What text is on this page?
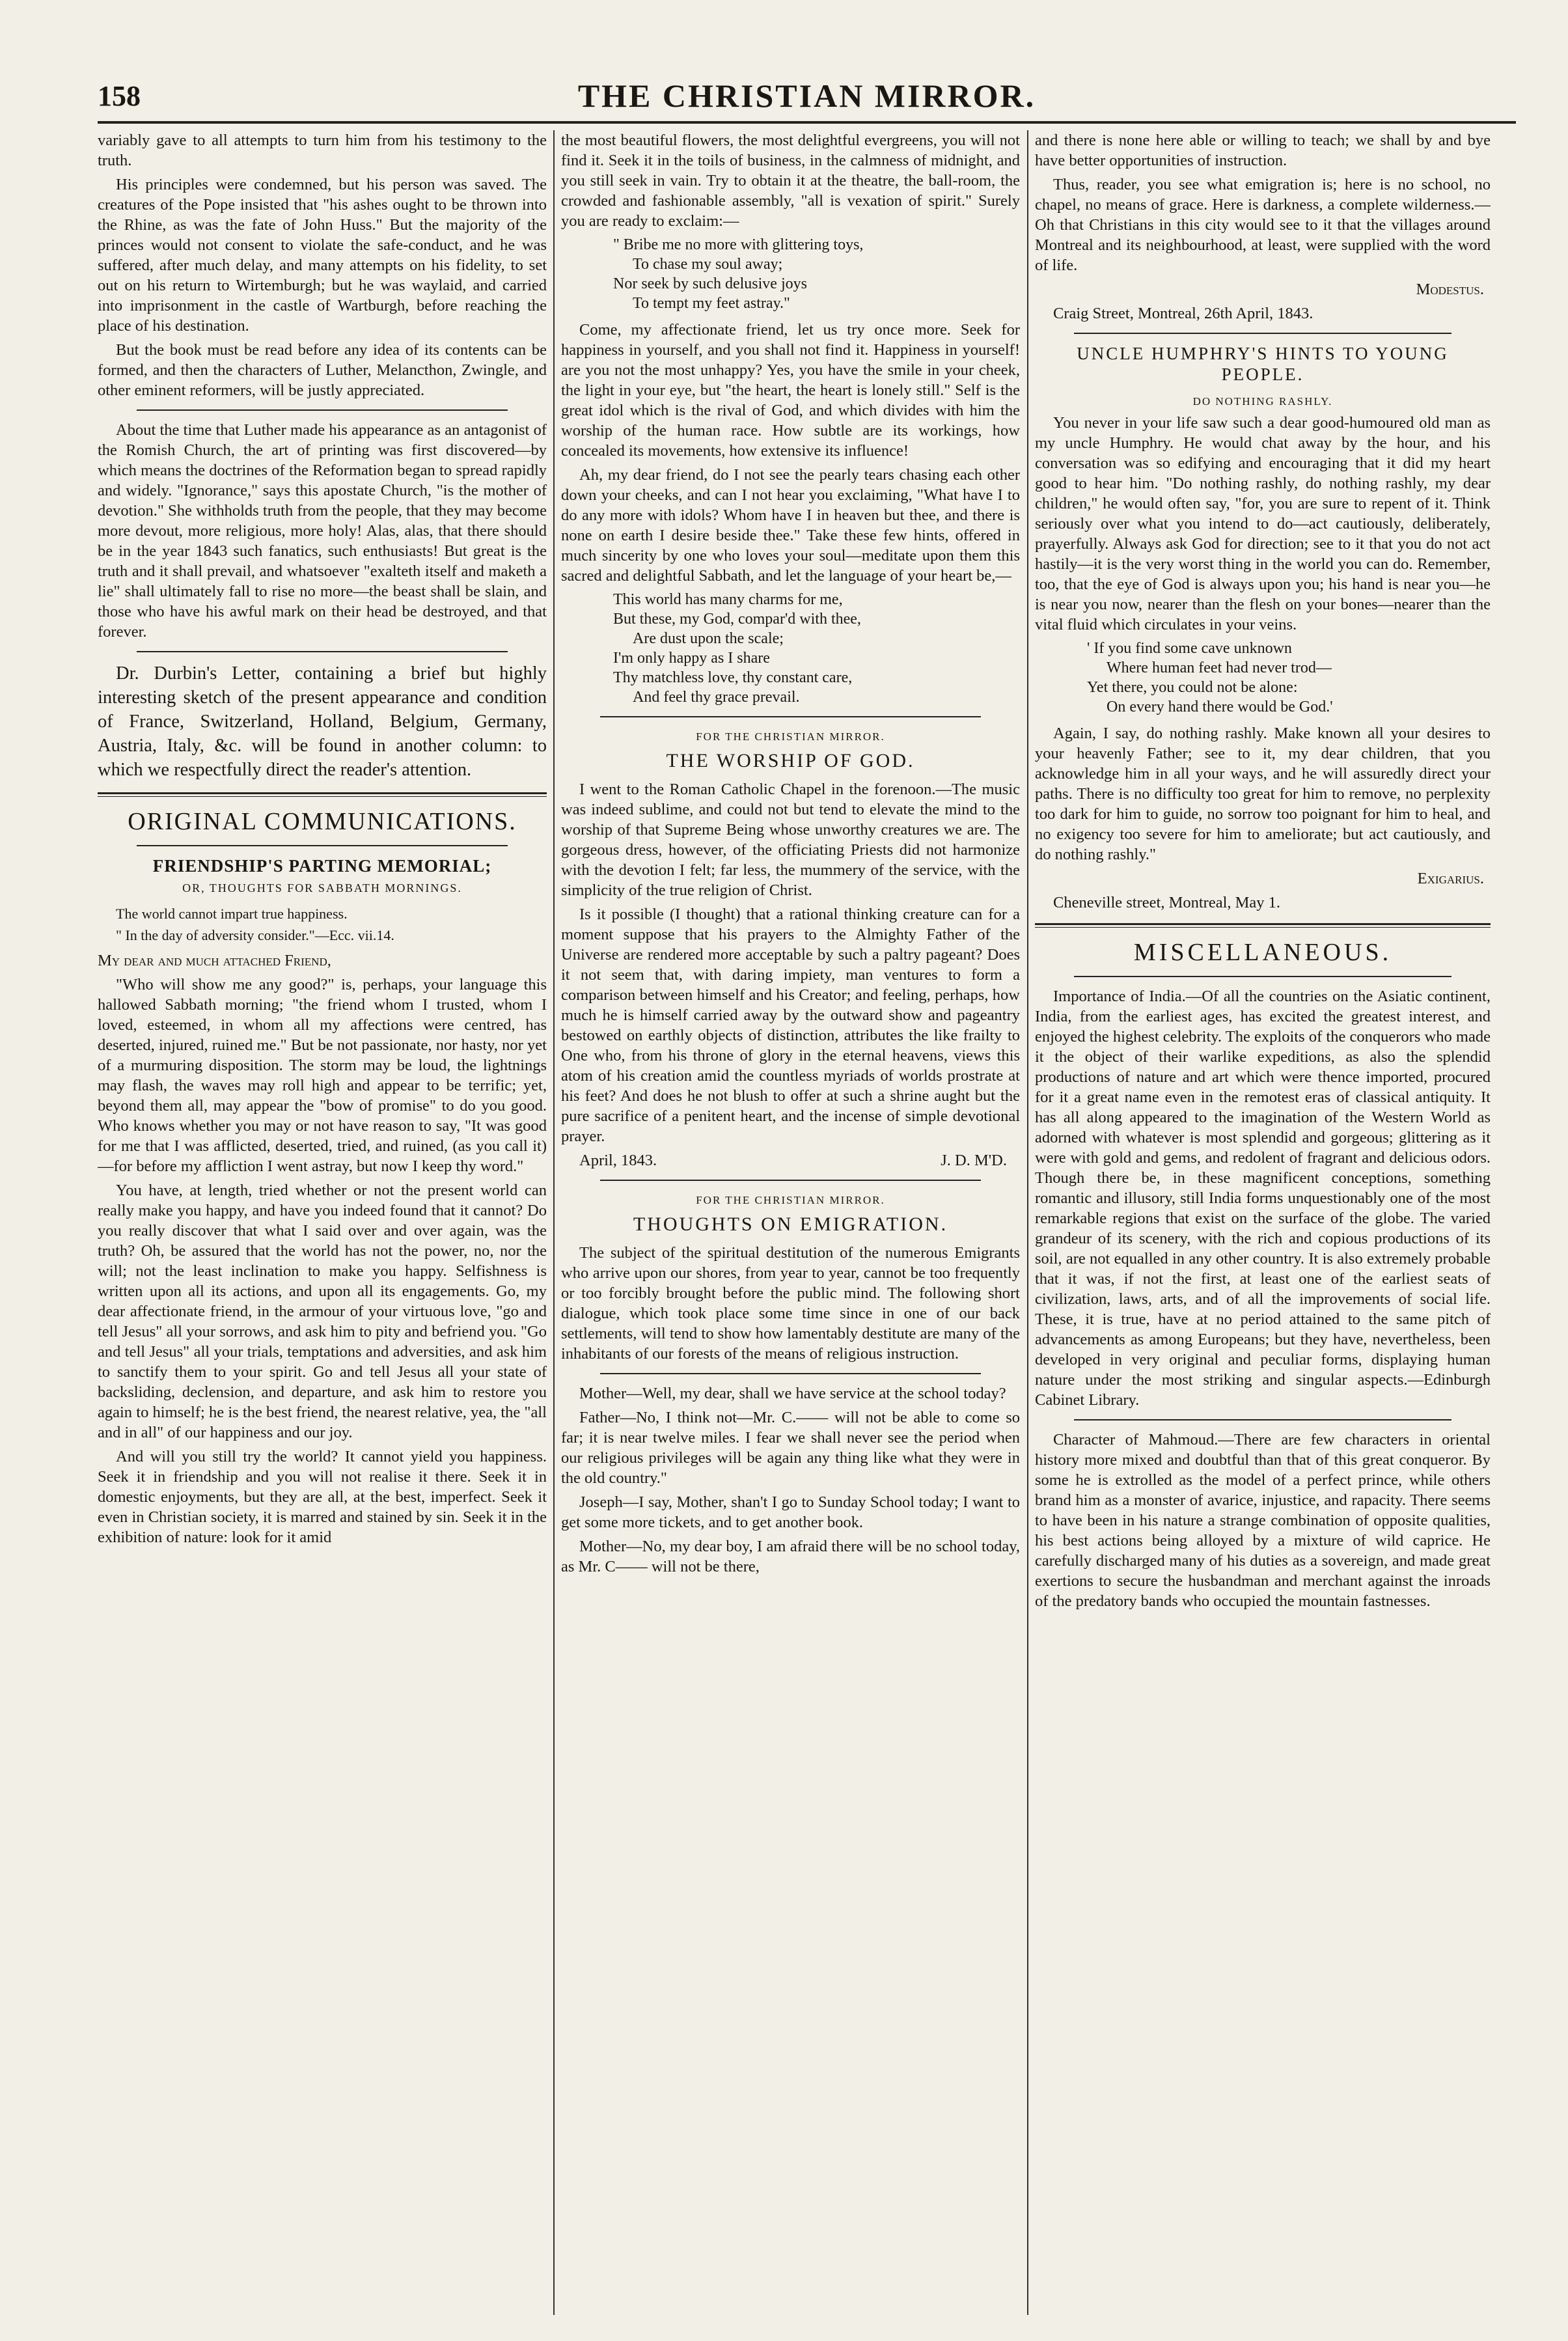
158	THE CHRISTIAN MIRROR.

variably gave to all attempts to turn him from his testimony to the truth.

His principles were condemned, but his person was saved. The creatures of the Pope insisted that "his ashes ought to be thrown into the Rhine, as was the fate of John Huss." But the majority of the princes would not consent to violate the safe-conduct, and he was suffered, after much delay, and many attempts on his fidelity, to set out on his return to Wirtemburgh; but he was waylaid, and carried into imprisonment in the castle of Wartburgh, before reaching the place of his destination.

But the book must be read before any idea of its contents can be formed, and then the characters of Luther, Melancthon, Zwingle, and other eminent reformers, will be justly appreciated.

About the time that Luther made his appearance as an antagonist of the Romish Church, the art of printing was first discovered—by which means the doctrines of the Reformation began to spread rapidly and widely. "Ignorance," says this apostate Church, "is the mother of devotion." She withholds truth from the people, that they may become more devout, more religious, more holy! Alas, alas, that there should be in the year 1843 such fanatics, such enthusiasts! But great is the truth and it shall prevail, and whatsoever "exalteth itself and maketh a lie" shall ultimately fall to rise no more—the beast shall be slain, and those who have his awful mark on their head be destroyed, and that forever.

Dr. Durbin's Letter, containing a brief but highly interesting sketch of the present appearance and condition of France, Switzerland, Holland, Belgium, Germany, Austria, Italy, &c. will be found in another column: to which we respectfully direct the reader's attention.

ORIGINAL COMMUNICATIONS.
FRIENDSHIP'S PARTING MEMORIAL;
OR, THOUGHTS FOR SABBATH MORNINGS.
The world cannot impart true happiness.
" In the day of adversity consider."—Ecc. vii.14.

My dear and much attached Friend,

"Who will show me any good?" is, perhaps, your language this hallowed Sabbath morning; "the friend whom I trusted, whom I loved, esteemed, in whom all my affections were centred, has deserted, injured, ruined me." But be not passionate, nor hasty, nor yet of a murmuring disposition. The storm may be loud, the lightnings may flash, the waves may roll high and appear to be terrific; yet, beyond them all, may appear the "bow of promise" to do you good. Who knows whether you may or not have reason to say, "It was good for me that I was afflicted, deserted, tried, and ruined, (as you call it)—for before my affliction I went astray, but now I keep thy word."

You have, at length, tried whether or not the present world can really make you happy, and have you indeed found that it cannot? Do you really discover that what I said over and over again, was the truth? Oh, be assured that the world has not the power, no, nor the will; not the least inclination to make you happy. Selfishness is written upon all its actions, and upon all its engagements. Go, my dear affectionate friend, in the armour of your virtuous love, "go and tell Jesus" all your sorrows, and ask him to pity and befriend you. "Go and tell Jesus" all your trials, temptations and adversities, and ask him to sanctify them to your spirit. Go and tell Jesus all your state of backsliding, declension, and departure, and ask him to restore you again to himself; he is the best friend, the nearest relative, yea, the "all and in all" of our happiness and our joy.

And will you still try the world? It cannot yield you happiness. Seek it in friendship and you will not realise it there. Seek it in domestic enjoyments, but they are all, at the best, imperfect. Seek it even in Christian society, it is marred and stained by sin. Seek it in the exhibition of nature: look for it amid

the most beautiful flowers, the most delightful evergreens, you will not find it. Seek it in the toils of business, in the calmness of midnight, and you still seek in vain. Try to obtain it at the theatre, the ball-room, the crowded and fashionable assembly, "all is vexation of spirit." Surely you are ready to exclaim:—

" Bribe me no more with glittering toys,
To chase my soul away;
Nor seek by such delusive joys
To tempt my feet astray."

Come, my affectionate friend, let us try once more. Seek for happiness in yourself, and you shall not find it. Happiness in yourself! are you not the most unhappy? Yes, you have the smile in your cheek, the light in your eye, but "the heart, the heart is lonely still." Self is the great idol which is the rival of God, and which divides with him the worship of the human race. How subtle are its workings, how concealed its movements, how extensive its influence!

Ah, my dear friend, do I not see the pearly tears chasing each other down your cheeks, and can I not hear you exclaiming, "What have I to do any more with idols? Whom have I in heaven but thee, and there is none on earth I desire beside thee." Take these few hints, offered in much sincerity by one who loves your soul—meditate upon them this sacred and delightful Sabbath, and let the language of your heart be,—

This world has many charms for me,
But these, my God, compar'd with thee,
Are dust upon the scale;
I'm only happy as I share
Thy matchless love, thy constant care,
And feel thy grace prevail.
FOR THE CHRISTIAN MIRROR.
THE WORSHIP OF GOD.

I went to the Roman Catholic Chapel in the forenoon.—The music was indeed sublime, and could not but tend to elevate the mind to the worship of that Supreme Being whose unworthy creatures we are. The gorgeous dress, however, of the officiating Priests did not harmonize with the devotion I felt; far less, the mummery of the service, with the simplicity of the true religion of Christ.

Is it possible (I thought) that a rational thinking creature can for a moment suppose that his prayers to the Almighty Father of the Universe are rendered more acceptable by such a paltry pageant? Does it not seem that, with daring impiety, man ventures to form a comparison between himself and his Creator; and feeling, perhaps, how much he is himself carried away by the outward show and pageantry bestowed on earthly objects of distinction, attributes the like frailty to One who, from his throne of glory in the eternal heavens, views this atom of his creation amid the countless myriads of worlds prostrate at his feet? And does he not blush to offer at such a shrine aught but the pure sacrifice of a penitent heart, and the incense of simple devotional prayer.

April, 1843.	J. D. M'D.
FOR THE CHRISTIAN MIRROR.
THOUGHTS ON EMIGRATION.

The subject of the spiritual destitution of the numerous Emigrants who arrive upon our shores, from year to year, cannot be too frequently or too forcibly brought before the public mind. The following short dialogue, which took place some time since in one of our back settlements, will tend to show how lamentably destitute are many of the inhabitants of our forests of the means of religious instruction.

Mother—Well, my dear, shall we have service at the school today?

Father—No, I think not—Mr. C.—— will not be able to come so far; it is near twelve miles. I fear we shall never see the period when our religious privileges will be again any thing like what they were in the old country."

Joseph—I say, Mother, shan't I go to Sunday School today; I want to get some more tickets, and to get another book.

Mother—No, my dear boy, I am afraid there will be no school today, as Mr. C—— will not be there,

and there is none here able or willing to teach; we shall by and bye have better opportunities of instruction.

Thus, reader, you see what emigration is; here is no school, no chapel, no means of grace. Here is darkness, a complete wilderness.—Oh that Christians in this city would see to it that the villages around Montreal and its neighbourhood, at least, were supplied with the word of life.

Modestus.

Craig Street, Montreal, 26th April, 1843.

UNCLE HUMPHRY'S HINTS TO YOUNG PEOPLE.
DO NOTHING RASHLY.

You never in your life saw such a dear good-humoured old man as my uncle Humphry. He would chat away by the hour, and his conversation was so edifying and encouraging that it did my heart good to hear him. "Do nothing rashly, do nothing rashly, my dear children," he would often say, "for, you are sure to repent of it. Think seriously over what you intend to do—act cautiously, deliberately, prayerfully. Always ask God for direction; see to it that you do not act hastily—it is the very worst thing in the world you can do. Remember, too, that the eye of God is always upon you; his hand is near you—he is near you now, nearer than the flesh on your bones—nearer than the vital fluid which circulates in your veins.

' If you find some cave unknown
Where human feet had never trod—
Yet there, you could not be alone:
On every hand there would be God.'

Again, I say, do nothing rashly. Make known all your desires to your heavenly Father; see to it, my dear children, that you acknowledge him in all your ways, and he will assuredly direct your paths. There is no difficulty too great for him to remove, no perplexity too dark for him to guide, no sorrow too poignant for him to heal, and no exigency too severe for him to ameliorate; but act cautiously, and do nothing rashly."

Exigarius.

Cheneville street, Montreal, May 1.

MISCELLANEOUS.

Importance of India.—Of all the countries on the Asiatic continent, India, from the earliest ages, has excited the greatest interest, and enjoyed the highest celebrity. The exploits of the conquerors who made it the object of their warlike expeditions, as also the splendid productions of nature and art which were thence imported, procured for it a great name even in the remotest eras of classical antiquity. It has all along appeared to the imagination of the Western World as adorned with whatever is most splendid and gorgeous; glittering as it were with gold and gems, and redolent of fragrant and delicious odors. Though there be, in these magnificent conceptions, something romantic and illusory, still India forms unquestionably one of the most remarkable regions that exist on the surface of the globe. The varied grandeur of its scenery, with the rich and copious productions of its soil, are not equalled in any other country. It is also extremely probable that it was, if not the first, at least one of the earliest seats of civilization, laws, arts, and of all the improvements of social life. These, it is true, have at no period attained to the same pitch of advancements as among Europeans; but they have, nevertheless, been developed in very original and peculiar forms, displaying human nature under the most striking and singular aspects.—Edinburgh Cabinet Library.

Character of Mahmoud.—There are few characters in oriental history more mixed and doubtful than that of this great conqueror. By some he is extrolled as the model of a perfect prince, while others brand him as a monster of avarice, injustice, and rapacity. There seems to have been in his nature a strange combination of opposite qualities, his best actions being alloyed by a mixture of wild caprice. He carefully discharged many of his duties as a sovereign, and made great exertions to secure the husbandman and merchant against the inroads of the predatory bands who occupied the mountain fastnesses.
